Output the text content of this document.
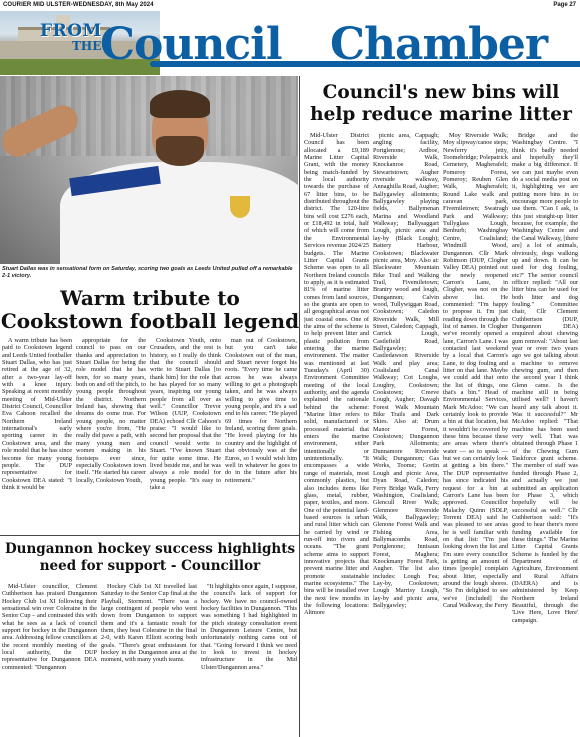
COURIER MID ULSTER-WEDNESDAY, 8th May 2024	Page 27
FROM
THE
Council Chamber
Stuart Dallas was in sensational form on Saturday, scoring two goals as Leeds United pulled off a remarkable 2-1 victory.
Warm tribute to Cookstown football legend

A warm tribute has been paid to Cookstown legend and Leeds United footballer Stuart Dallas, who has just retired at the age of 32, after a two-year lay-off with a knee injury. Speaking at recent monthly meeting of Mid-Ulster District Council, Councillor Eva Cahoon recalled the Northern Ireland international's early sporting career in the Cookstown area, and the role model that he has since become for many young people. The DUP representative for Cookstown DEA stated: "I think it would be

appropriate for the council to pass on our thanks and appreciation to Stuart Dallas for being the role model that he has been, for so many years, both on and off the pitch, to young people throughout the district. Northern Ireland has, showing that dreams do come true. For young people, no matter where you're from, "He really did pave a path, with many young men and women making in his footsteps ever since, especially Cookstown town itself. "He started his career locally, Cookstown Youth,

Cookstown Youth, onto Crusaders, and the rest is history, so I really do think that the council should write to Stuart Dallas [to thank him] for the role that he has played for so many years, inspiring our young people from all over as well." Councillor Trevor Wilson (UUP, Cookstown DEA) echoed Cllr Cahoon's praise: "I would like to second her proposal that the council would write to Stuart. "I've known Stuart for quite some time. He lived beside me, and he was always a role model for young people. "It's easy to take a

man out of Cookstown, but you can't take Cookstown out of the man, and Stuart never forgot his roots. "Every time he came across he was always willing to get a photograph taken, and he was always willing to give time to young people, and it's a sad end to his career. "He played 69 times for Northern Ireland, scoring three goals. "He loved playing for his country and the highlight of that obviously was at the Euros, so I would wish him well in whatever he goes to do in the future after his retirement."

Dungannon hockey success highlights need for support - Councillor

Mid-Ulster councillor, Clement Cuthbertson has praised Dungannon Hockey Club 1st XI following their sensational win over Coleraine in the Senior Cup – and contrasted this with what he sees as a lack of council support for hockey in the Dungannon area. Addressing fellow councillors at the recent monthly meeting of the local authority, the DUP representative for Dungannon DEA commented: "Dungannon

Hockey Club 1st XI travelled last Saturday to the Senior Cup final at the Playball, Stormont. "There was a large contingent of people who went down from Dungannon to support them and it's a fantastic result for them, they beat Coleraine in the final 2-0, with Karen Elliott scoring both goals. "There's great enthusiasm for hockey in the Dungannon area at the moment, with many youth teams.

"It highlights once again, I suppose, the council's lack of support for hockey. We have no council-owned hockey facilities in Dungannon. "This was something I had highlighted in the pitch strategy consultation event in Dungannon Leisure Centre, but unfortunately nothing came out of that. "Going forward I think we need to look to invest in hockey infrastructure in the Mid Ulster/Dungannon area."

Council's new bins will help reduce marine litter

Mid-Ulster District Council has been allocated a £9,189 Marine Litter Capital Grant, with the money being match-funded by the local authority towards the purchase of 67 litter bins, to be distributed throughout the district. The 120-litre bins will cost £276 each, or £18,492 in total, half of which will come from the Environmental Services revenue 2024/25 budgets. The Marine Litter Capital Grants Scheme was open to all Northern Ireland councils to apply, as it is estimated 81% of marine litter comes from land sources, so the grants are open to all geographical areas not just coastal ones. One of the aims of the scheme is to help prevent litter and plastic pollution from entering the marine environment. The matter was mentioned at last Tuesday's (April 30) Environment Committee meeting of the local authority, and the agenda explained the rationale behind the scheme: "Marine litter refers to solid, manufactured or processed material that enters the marine environment, either intentionally or unintentionally. "It encompasses a wide range of materials, most commonly plastics, but also includes items like glass, metal, rubber, paper, textiles, and more. One of the potential land-based sources is urban and rural litter which can be carried by wind or run-off into rivers and oceans. "The grant scheme aims to support innovative projects that prevent marine litter and promote sustainable marine ecosystems." The bins will be installed over the next few months in the following locations: Altmore

picnic area, Cappagh; angling facility, Portglenone; Ardboe, Riverside Walk, Knockanroe Road, Stewartstown; Augher riverside walkway, Annaghilla Road, Augher; Ballygawley allotments; Ballygawley playing fields, Ballymenan Marina and Woodland Walkway; Ballysaggart Lough, picnic area and lay-by (Black Lough); Battery Harbour, Cookstown; Blackwater picnic area, Moy. Also at: Blackwater Mountain Bike Trail and Walking Trail, Fivemiletown; Brantry wood and lough, Dungannon; Calvin wood, Tullywiggan Road, Cookstown; Caledon Riverside Walk, Mill Street, Caledon; Cappagh, Carrick Lough, Castlefield Road, Ballygawley; Castledawson Riverside Walk and play area; Coalisland Canal Walkway; Cot Loughs, Loughry, Cookstown; Cookstown; Creeve Lough, Augher; Davagh Forest Walk Mountain Bike Trails and Dark Skies. Also at: Drum Manor Forest, Cookstown; Dungannon Park Allotments; Dunnamore Riverside Walk; Dungannon; Gas Works, Toome; Gortin Lough and picnic Area, Dyan Road, Caledon; Ferry Bridge Walk, Ferry Washington, Coalisland; Glencull River Walk; Glenmore Riverside Walk, Ballygawley; Glenone Forest Walk and Fishing Area, Ballymacombs Road, Portglenone; Innisaun Forest, Maghera; Knockmany Forest Park, Augher. The list also includes: Lough Fea; Lay-by, Cookstown; Lough Marrisy Lough, lay-by and picnic area, Ballygawley;

Moy Riverside Walk; Moy slipway/canoe steps; Newferry jetty, Toomebridge; Polepatrick Cemetery, Magherafelt; Pomeroy Forest, Pomeroy; Reuben Glen Walk, Magherafelt; Round Lake walk and caravan park, Fivemiletown; Swatragh Park and Walkway; Tullyglass Lough, Benburb; Washingbay Centre, Coalisland; Windmill Wood, Dungannon. Cllr Mark Robinson (DUP, Clogher Valley DEA) pointed out the newly reopened Carron's Lane, in Clogher, was not on the above list. He commented: "I'm happy to propose it. I'm just reading down through the list of names. In Clogher we've recently opened a lane, Carron's Lane. I was contacted last weekend by a local that Carron's Lane, to dog fouling and litter on that lane. Maybe we could add that onto the list of things, one that's a bin." Head of Environmental Services, Mark McAdoo: "We can certainly look to provide a bin at that location, but it wouldn't be covered by these bins because these are areas where there's water — so to speak — but we can certainly look at getting a bin there." The DUP representative has since indicated his request for a bin at Carron's Lane has been approved. Councillor Malachy Quinn (SDLP, Torrent DEA) said he was pleased to see areas he is well familiar with on that list: "I'm just looking down the list and I'm sure every councillor is getting an amount of times [people] complain about litter, especially around the lough shores. "So I'm delighted to see we've [included] the Canal Walkway, the Ferry

Bridge and the Washingbay Centre. "I think it's badly needed and hopefully they'll make a big difference. If we can just maybe even do a social media post on it, highlighting we are putting more bins in to encourage more people to use them. "Can I ask, is this just straight-up litter because, for example, the Washingbay Centre and the Canal Walkway, [there are] a lot of animals, obviously, dogs walking up and down. It can be used for dog fouling, etc?" The senior council officer replied: "All our litter bins can be used for both litter and dog fouling." Committee chair, Cllr Clement Cuthbertson (DUP, Dungannon DEA) enquired about chewing gum removal: "About last year or over two years ago we got talking about a machine to remove chewing gum, and then the second year I think Glenn came. Is the machine still in being utilised well? I haven't heard any talk about it. Was it successful?" Mr McAdoo replied: "That machine has been used very well. That was obtained through Phase 1 of the Chewing Gum Taskforce grant scheme. The member of staff was funded through Phase 2, and actually we just submitted an application for Phase 3, which hopefully will be successful as well." Cllr Cuthbertson said: "It's good to hear there's more funding available for these things." The Marine Litter Capital Grants Scheme is funded by the Department of Agriculture, Environment and Rural Affairs (DAERA) and is administered by Keep Northern Ireland Beautiful, through the 'Live Here, Love Here' campaign.
